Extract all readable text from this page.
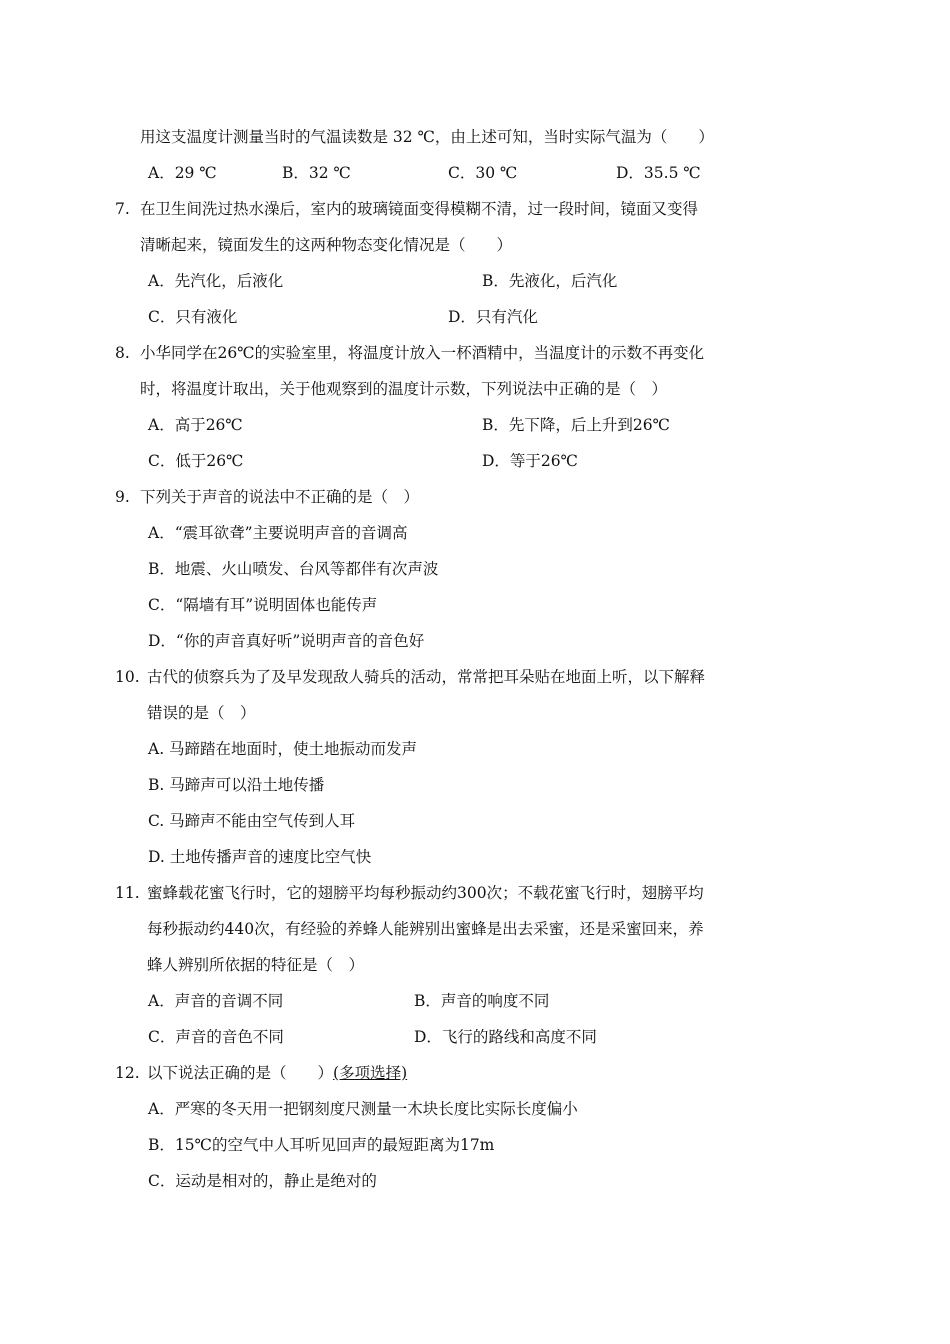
用这支温度计测量当时的气温读数是 32 ℃，由上述可知，当时实际气温为（　　）
A．29 ℃	B．32 ℃	C．30 ℃	D．35.5 ℃
7. 在卫生间洗过热水澡后，室内的玻璃镜面变得模糊不清，过一段时间，镜面又变得
清晰起来，镜面发生的这两种物态变化情况是（　　）
A．先汽化，后液化	B．先液化，后汽化
C．只有液化	D．只有汽化
8. 小华同学在26℃的实验室里，将温度计放入一杯酒精中，当温度计的示数不再变化
时，将温度计取出，关于他观察到的温度计示数，下列说法中正确的是（　）
A．高于26℃	B．先下降，后上升到26℃
C．低于26℃	D．等于26℃
9. 下列关于声音的说法中不正确的是（　）
A．“震耳欲聋”主要说明声音的音调高
B．地震、火山喷发、台风等都伴有次声波
C．“隔墙有耳”说明固体也能传声
D．“你的声音真好听”说明声音的音色好
10. 古代的侦察兵为了及早发现敌人骑兵的活动，常常把耳朵贴在地面上听，以下解释
错误的是（　）
A. 马蹄踏在地面时，使土地振动而发声
B. 马蹄声可以沿土地传播
C. 马蹄声不能由空气传到人耳
D. 土地传播声音的速度比空气快
11. 蜜蜂载花蜜飞行时，它的翅膀平均每秒振动约300次；不载花蜜飞行时，翅膀平均
每秒振动约440次，有经验的养蜂人能辨别出蜜蜂是出去采蜜，还是采蜜回来，养
蜂人辨别所依据的特征是（　）
A．声音的音调不同	B．声音的响度不同
C．声音的音色不同	D．飞行的路线和高度不同
12. 以下说法正确的是（　　）(多项选择)
A．严寒的冬天用一把钢刻度尺测量一木块长度比实际长度偏小
B．15℃的空气中人耳听见回声的最短距离为17m
C．运动是相对的，静止是绝对的
